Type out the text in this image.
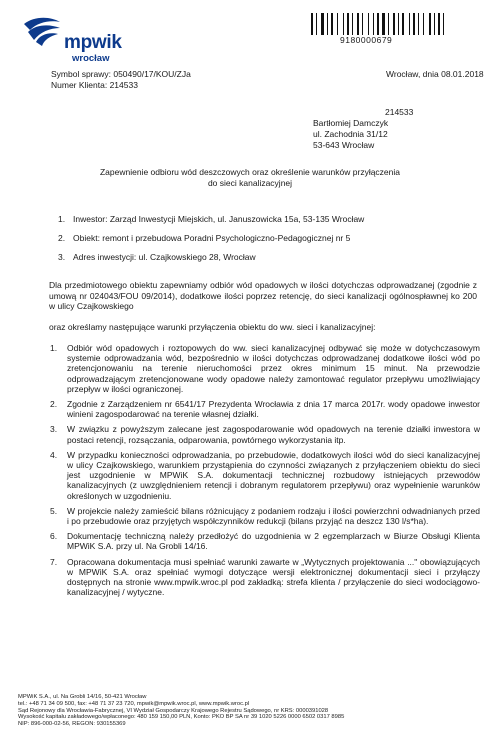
mpwik
wrocław
9180000679
Symbol sprawy: 050490/17/KOU/ZJa
Numer Klienta: 214533
Wrocław, dnia 08.01.2018
214533
Bartłomiej Damczyk
ul. Zachodnia 31/12
53-643 Wrocław
Zapewnienie odbioru wód deszczowych oraz określenie warunków przyłączenia
do sieci kanalizacyjnej
1. Inwestor: Zarząd Inwestycji Miejskich, ul. Januszowicka 15a, 53-135 Wrocław
2. Obiekt: remont i przebudowa Poradni Psychologiczno-Pedagogicznej nr 5
3. Adres inwestycji: ul. Czajkowskiego 28, Wrocław
Dla przedmiotowego obiektu zapewniamy odbiór wód opadowych w ilości dotychczas odprowadzanej (zgodnie z umową nr 024043/FOU 09/2014), dodatkowe ilości poprzez retencję, do sieci kanalizacji ogólnospławnej ko 200 w ulicy Czajkowskiego
oraz określamy następujące warunki przyłączenia obiektu do ww. sieci i kanalizacyjnej:
1. Odbiór wód opadowych i roztopowych do ww. sieci kanalizacyjnej odbywać się może w dotychczasowym systemie odprowadzania wód, bezpośrednio w ilości dotychczas odprowadzanej dodatkowe ilości wód po zretencjonowaniu na terenie nieruchomości przez okres minimum 15 minut. Na przewodzie odprowadzającym zretencjonowane wody opadowe należy zamontować regulator przepływu umożliwiający przepływ w ilości ograniczonej.
2. Zgodnie z Zarządzeniem nr 6541/17 Prezydenta Wrocławia z dnia 17 marca 2017r. wody opadowe inwestor winieni zagospodarować na terenie własnej działki.
3. W związku z powyższym zalecane jest zagospodarowanie wód opadowych na terenie działki inwestora w postaci retencji, rozsączania, odparowania, powtórnego wykorzystania itp.
4. W przypadku konieczności odprowadzania, po przebudowie, dodatkowych ilości wód do sieci kanalizacyjnej w ulicy Czajkowskiego, warunkiem przystąpienia do czynności związanych z przyłączeniem obiektu do sieci jest uzgodnienie w MPWiK S.A. dokumentacji technicznej rozbudowy istniejących przewodów kanalizacyjnych (z uwzględnieniem retencji i dobranym regulatorem przepływu) oraz wypełnienie warunków określonych w uzgodnieniu.
5. W projekcie należy zamieścić bilans różnicujący z podaniem rodzaju i ilości powierzchni odwadnianych przed i po przebudowie oraz przyjętych współczynników redukcji (bilans przyjąć na deszcz 130 l/s*ha).
6. Dokumentację techniczną należy przedłożyć do uzgodnienia w 2 egzemplarzach w Biurze Obsługi Klienta MPWiK S.A. przy ul. Na Grobli 14/16.
7. Opracowana dokumentacja musi spełniać warunki zawarte w „Wytycznych projektowania ..." obowiązujących w MPWiK S.A. oraz spełniać wymogi dotyczące wersji elektronicznej dokumentacji sieci i przyłączy dostępnych na stronie www.mpwik.wroc.pl pod zakładką: strefa klienta / przyłączenie do sieci wodociągowo-kanalizacyjnej / wytyczne.
MPWiK S.A., ul. Na Grobli 14/16, 50-421 Wrocław
tel.: +48 71 34 09 500, fax: +48 71 37 23 720, mpwik@mpwik.wroc.pl, www.mpwik.wroc.pl
Sąd Rejonowy dla Wrocławia-Fabrycznej, VI Wydział Gospodarczy Krajowego Rejestru Sądowego, nr KRS: 0000391028
Wysokość kapitału zakładowego/wpłaconego: 480 159 150,00 PLN, Konto: PKO BP SA nr 39 1020 5226 0000 6502 0317 8985
NIP: 896-000-02-56, REGON: 930155369
